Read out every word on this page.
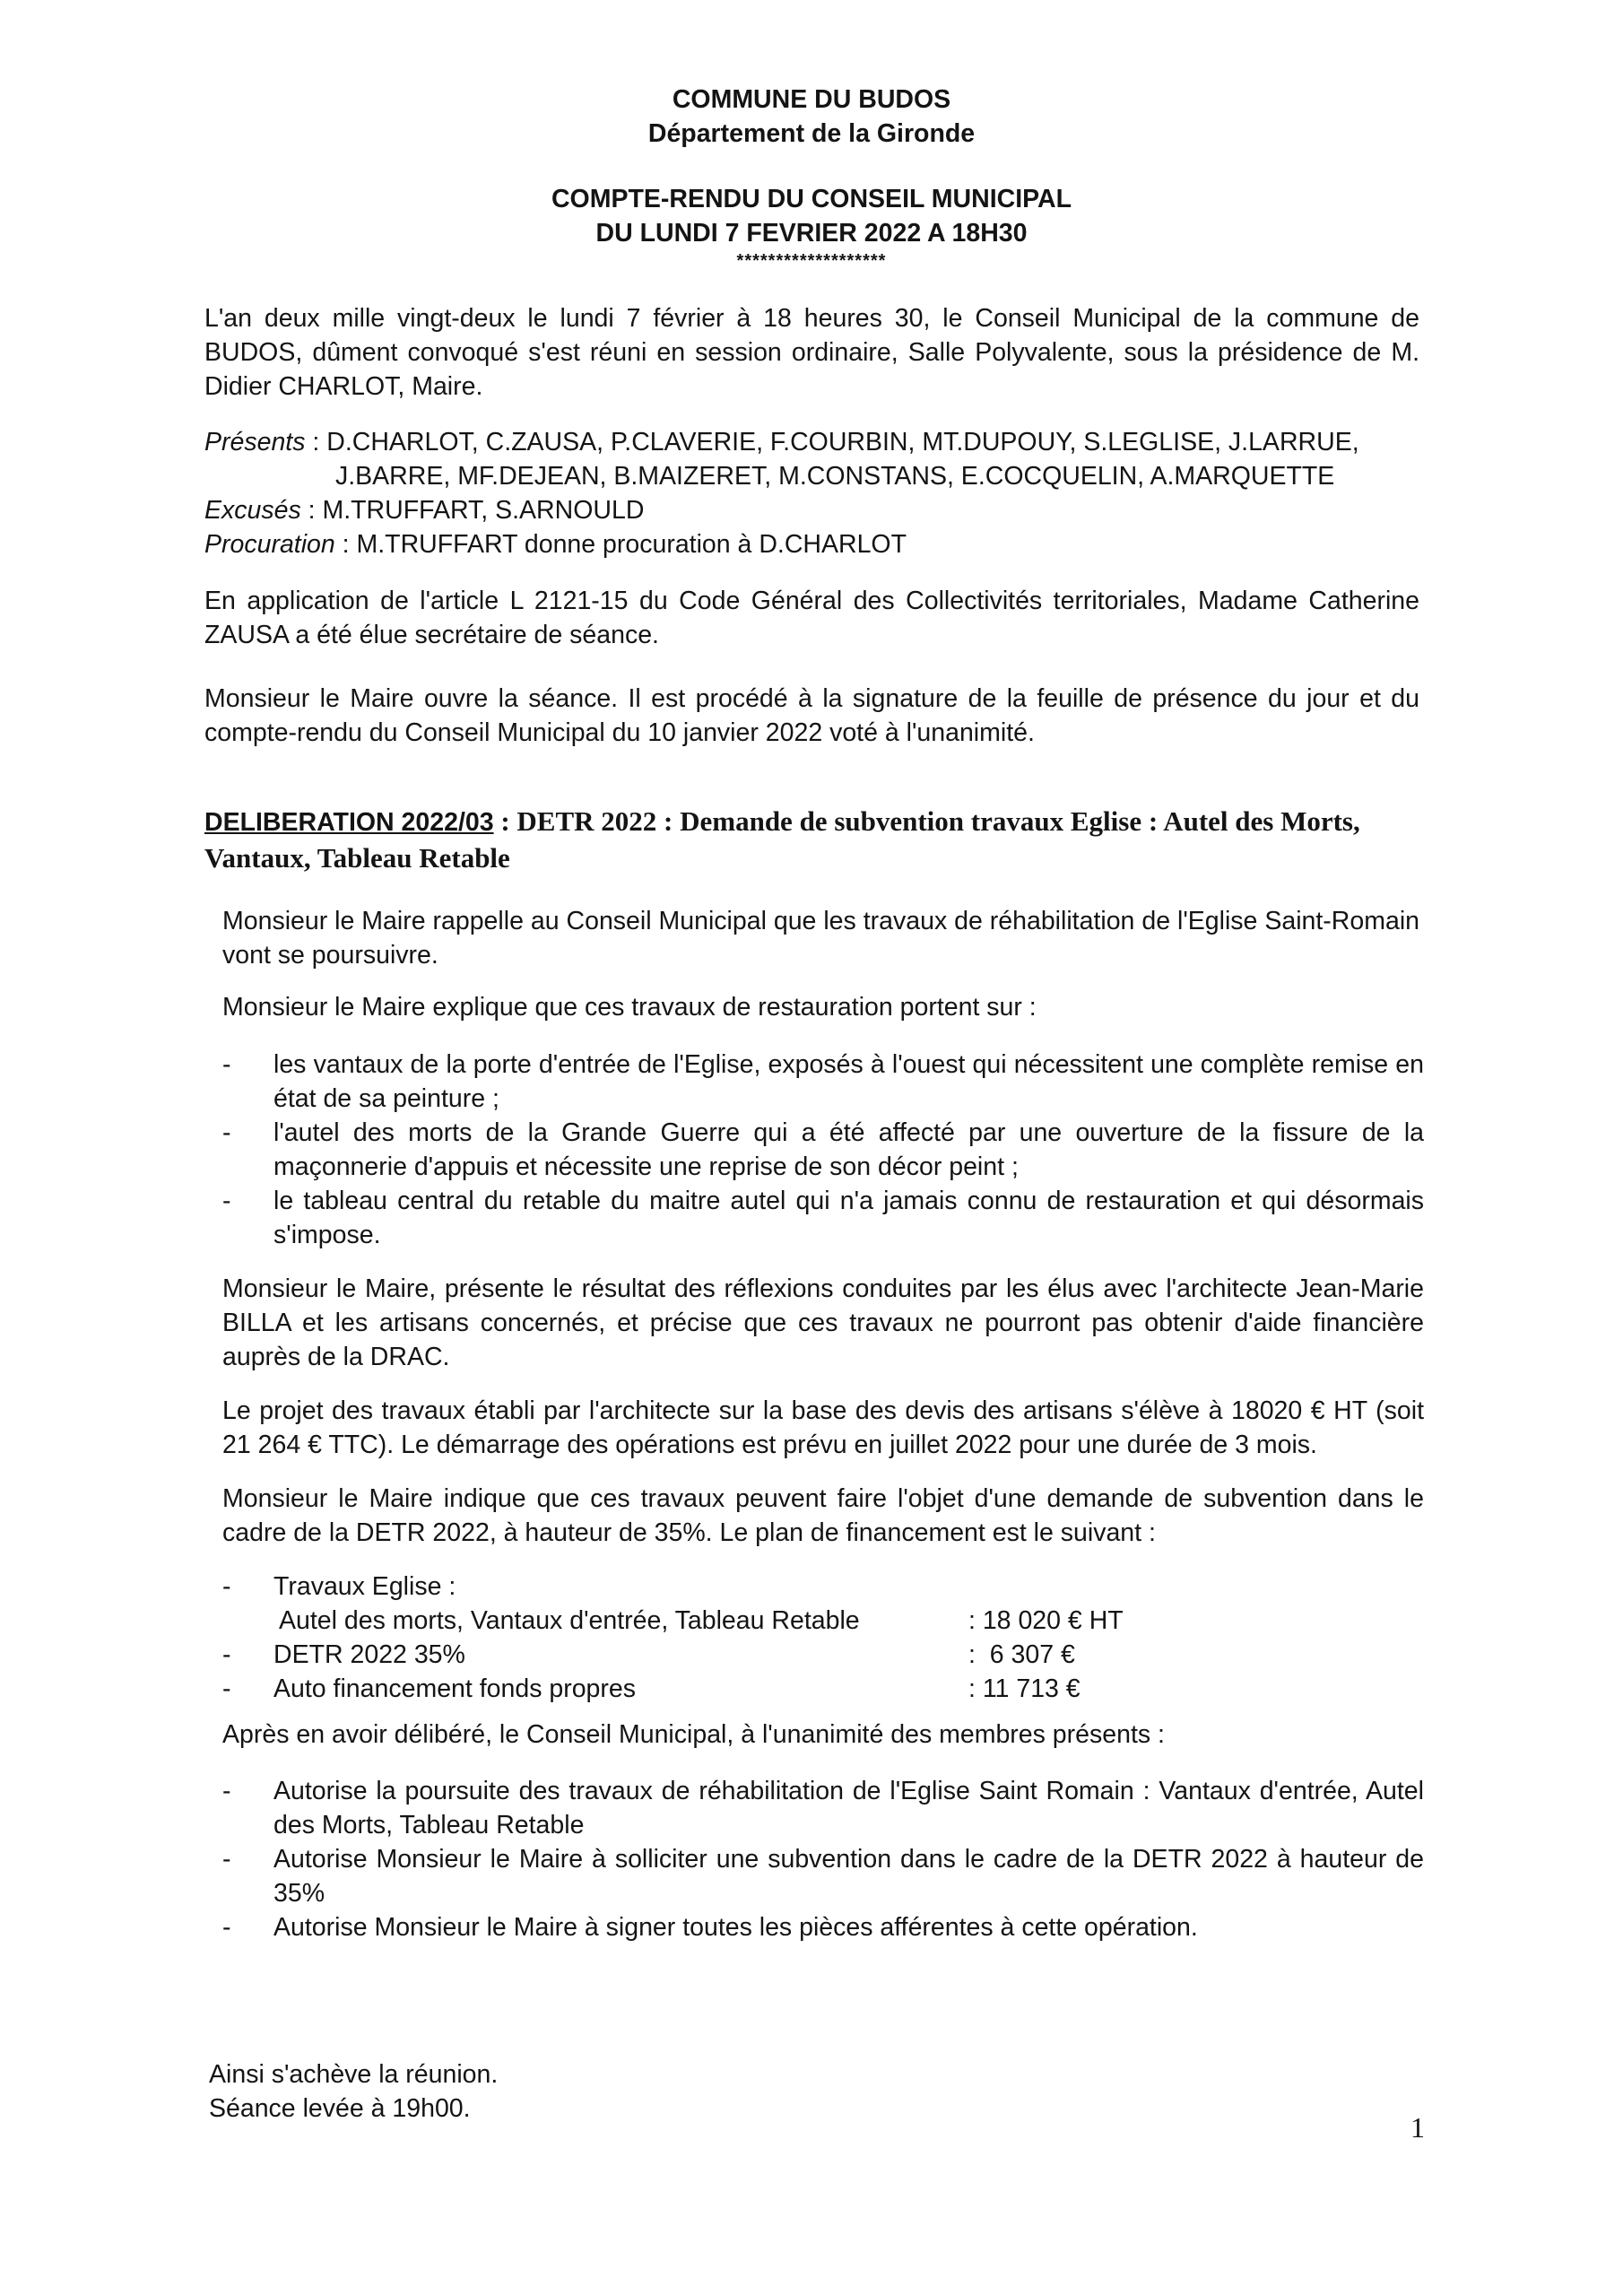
COMMUNE DU BUDOS
Département de la Gironde
COMPTE-RENDU DU CONSEIL MUNICIPAL
DU LUNDI 7 FEVRIER 2022 A 18H30
*******************
L'an deux mille vingt-deux le lundi 7 février à 18 heures 30, le Conseil Municipal de la commune de BUDOS, dûment convoqué s'est réuni en session ordinaire, Salle Polyvalente, sous la présidence de M. Didier CHARLOT, Maire.
Présents : D.CHARLOT, C.ZAUSA, P.CLAVERIE, F.COURBIN, MT.DUPOUY, S.LEGLISE, J.LARRUE,
J.BARRE, MF.DEJEAN, B.MAIZERET, M.CONSTANS, E.COCQUELIN, A.MARQUETTE
Excusés : M.TRUFFART, S.ARNOULD
Procuration : M.TRUFFART donne procuration à D.CHARLOT
En application de l'article L 2121-15 du Code Général des Collectivités territoriales, Madame Catherine ZAUSA a été élue secrétaire de séance.
Monsieur le Maire ouvre la séance. Il est procédé à la signature de la feuille de présence du jour et du compte-rendu du Conseil Municipal du 10 janvier 2022 voté à l'unanimité.
DELIBERATION 2022/03 : DETR 2022 : Demande de subvention travaux Eglise : Autel des Morts, Vantaux, Tableau Retable
Monsieur le Maire rappelle au Conseil Municipal que les travaux de réhabilitation de l'Eglise Saint-Romain vont se poursuivre.
Monsieur le Maire explique que ces travaux de restauration portent sur :
- les vantaux de la porte d'entrée de l'Eglise, exposés à l'ouest qui nécessitent une complète remise en état de sa peinture ;
- l'autel des morts de la Grande Guerre qui a été affecté par une ouverture de la fissure de la maçonnerie d'appuis et nécessite une reprise de son décor peint ;
- le tableau central du retable du maitre autel qui n'a jamais connu de restauration et qui désormais s'impose.
Monsieur le Maire, présente le résultat des réflexions conduites par les élus avec l'architecte Jean-Marie BILLA et les artisans concernés, et précise que ces travaux ne pourront pas obtenir d'aide financière auprès de la DRAC.
Le projet des travaux établi par l'architecte sur la base des devis des artisans s'élève à 18020 € HT (soit 21 264 € TTC). Le démarrage des opérations est prévu en juillet 2022 pour une durée de 3 mois.
Monsieur le Maire indique que ces travaux peuvent faire l'objet d'une demande de subvention dans le cadre de la DETR 2022, à hauteur de 35%. Le plan de financement est le suivant :
- Travaux Eglise :
Autel des morts, Vantaux d'entrée, Tableau Retable	: 18 020 € HT
- DETR 2022 35%	:  6 307 €
- Auto financement fonds propres	: 11 713 €
Après en avoir délibéré, le Conseil Municipal, à l'unanimité des membres présents :
- Autorise la poursuite des travaux de réhabilitation de l'Eglise Saint Romain : Vantaux d'entrée, Autel des Morts, Tableau Retable
- Autorise Monsieur le Maire à solliciter une subvention dans le cadre de la DETR 2022 à hauteur de 35%
- Autorise Monsieur le Maire à signer toutes les pièces afférentes à cette opération.
Ainsi s'achève la réunion.
Séance levée à 19h00.
1
